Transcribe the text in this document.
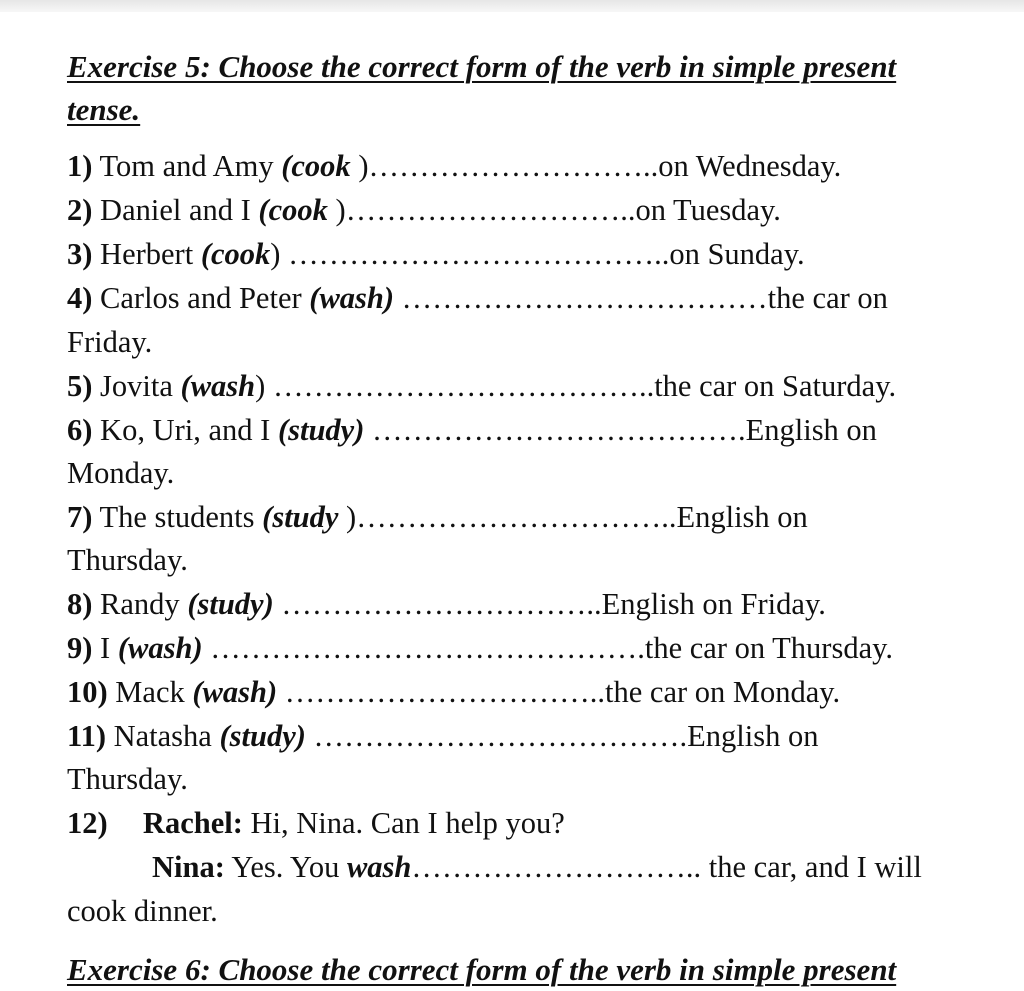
Exercise 5: Choose the correct form of the verb in simple present
tense.
1) Tom and Amy (cook )………………………..on Wednesday.
2) Daniel and I (cook )………………………..on Tuesday.
3) Herbert (cook) ………………………………..on Sunday.
4) Carlos and Peter (wash) ………………………………the car on
Friday.
5) Jovita (wash) ………………………………..the car on Saturday.
6) Ko, Uri, and I (study) ……………………………….English on
Monday.
7) The students (study )…………………………..English on
Thursday.
8) Randy (study) …………………………..English on Friday.
9) I (wash) …………………………………….the car on Thursday.
10) Mack (wash) …………………………..the car on Monday.
11) Natasha (study) ……………………………….English on
Thursday.
12) Rachel: Hi, Nina. Can I help you?
Nina: Yes. You wash……………………….. the car, and I will
cook dinner.
Exercise 6: Choose the correct form of the verb in simple present
